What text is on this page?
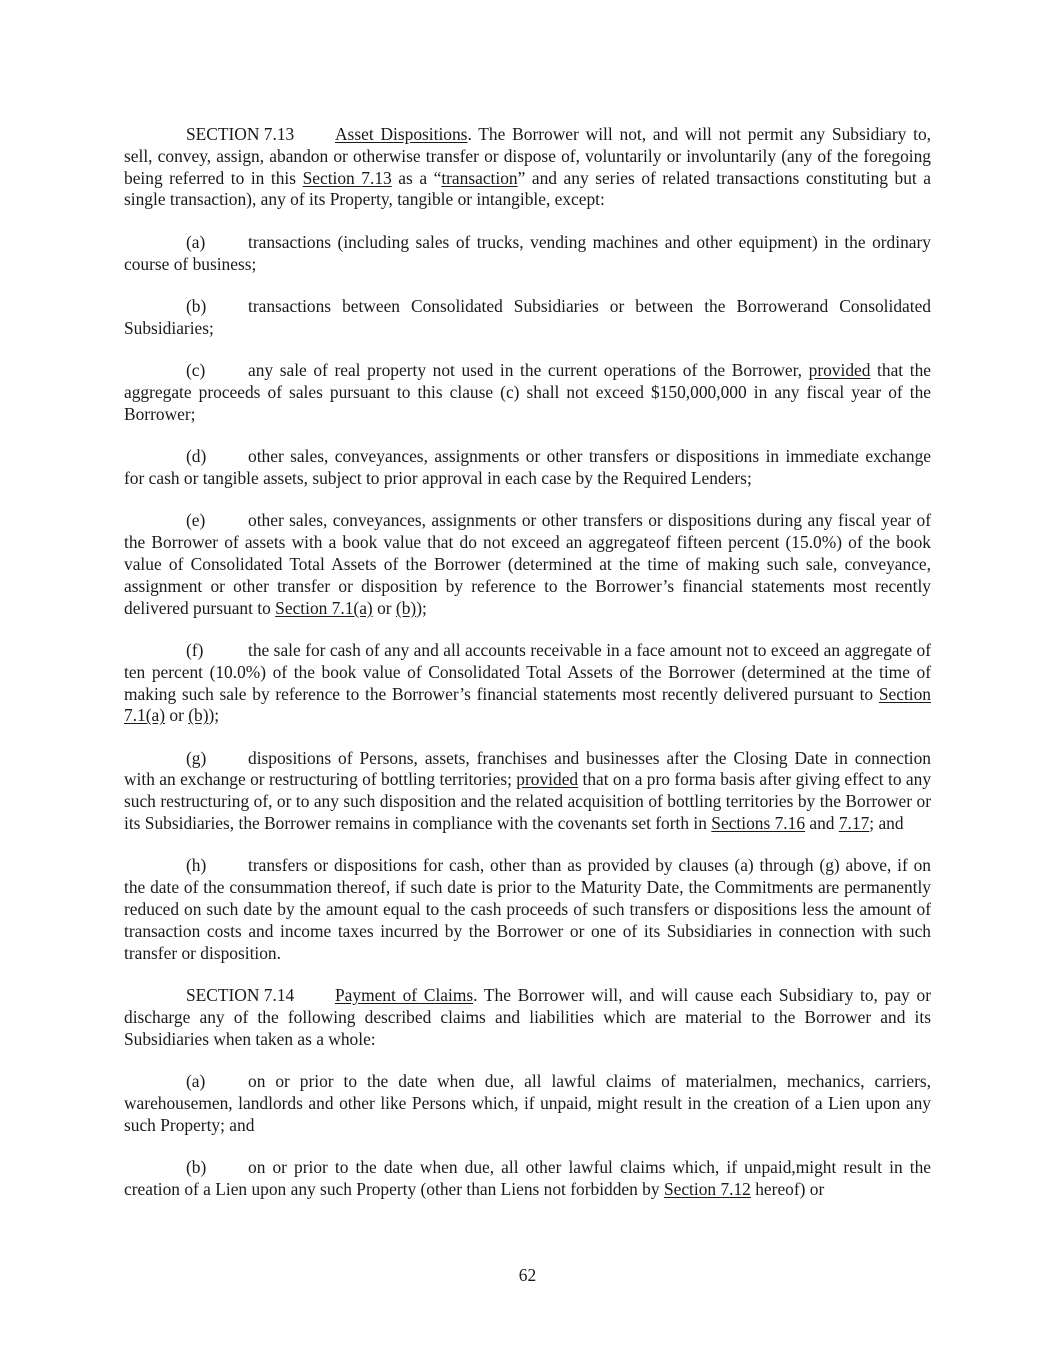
SECTION 7.13 Asset Dispositions. The Borrower will not, and will not permit any Subsidiary to, sell, convey, assign, abandon or otherwise transfer or dispose of, voluntarily or involuntarily (any of the foregoing being referred to in this Section 7.13 as a “transaction” and any series of related transactions constituting but a single transaction), any of its Property, tangible or intangible, except:

(a) transactions (including sales of trucks, vending machines and other equipment) in the ordinary course of business;

(b) transactions between Consolidated Subsidiaries or between the Borrowerand Consolidated Subsidiaries;

(c) any sale of real property not used in the current operations of the Borrower, provided that the aggregate proceeds of sales pursuant to this clause (c) shall not exceed $150,000,000 in any fiscal year of the Borrower;

(d) other sales, conveyances, assignments or other transfers or dispositions in immediate exchange for cash or tangible assets, subject to prior approval in each case by the Required Lenders;

(e) other sales, conveyances, assignments or other transfers or dispositions during any fiscal year of the Borrower of assets with a book value that do not exceed an aggregateof fifteen percent (15.0%) of the book value of Consolidated Total Assets of the Borrower (determined at the time of making such sale, conveyance, assignment or other transfer or disposition by reference to the Borrower’s financial statements most recently delivered pursuant to Section 7.1(a) or (b));

(f)	the sale for cash of any and all accounts receivable in a face amount not to exceed an aggregate of ten percent (10.0%) of the book value of Consolidated Total Assets of the Borrower (determined at the time of making such sale by reference to the Borrower’s financial statements most recently delivered pursuant to Section 7.1(a) or (b));

(g) dispositions of Persons, assets, franchises and businesses after the Closing Date in connection with an exchange or restructuring of bottling territories; provided that on a pro forma basis after giving effect to any such restructuring of, or to any such disposition and the related acquisition of bottling territories by the Borrower or its Subsidiaries, the Borrower remains in compliance with the covenants set forth in Sections 7.16 and 7.17; and

(h) transfers or dispositions for cash, other than as provided by clauses (a) through (g) above, if on the date of the consummation thereof, if such date is prior to the Maturity Date, the Commitments are permanently reduced on such date by the amount equal to the cash proceeds of such transfers or dispositions less the amount of transaction costs and income taxes incurred by the Borrower or one of its Subsidiaries in connection with such transfer or disposition.

SECTION 7.14 Payment of Claims. The Borrower will, and will cause each Subsidiary to, pay or discharge any of the following described claims and liabilities which are material to the Borrower and its Subsidiaries when taken as a whole:

(a) on or prior to the date when due, all lawful claims of materialmen, mechanics, carriers, warehousemen, landlords and other like Persons which, if unpaid, might result in the creation of a Lien upon any such Property; and

(b) on or prior to the date when due, all other lawful claims which, if unpaid,might result in the creation of a Lien upon any such Property (other than Liens not forbidden by Section 7.12 hereof) or

62
